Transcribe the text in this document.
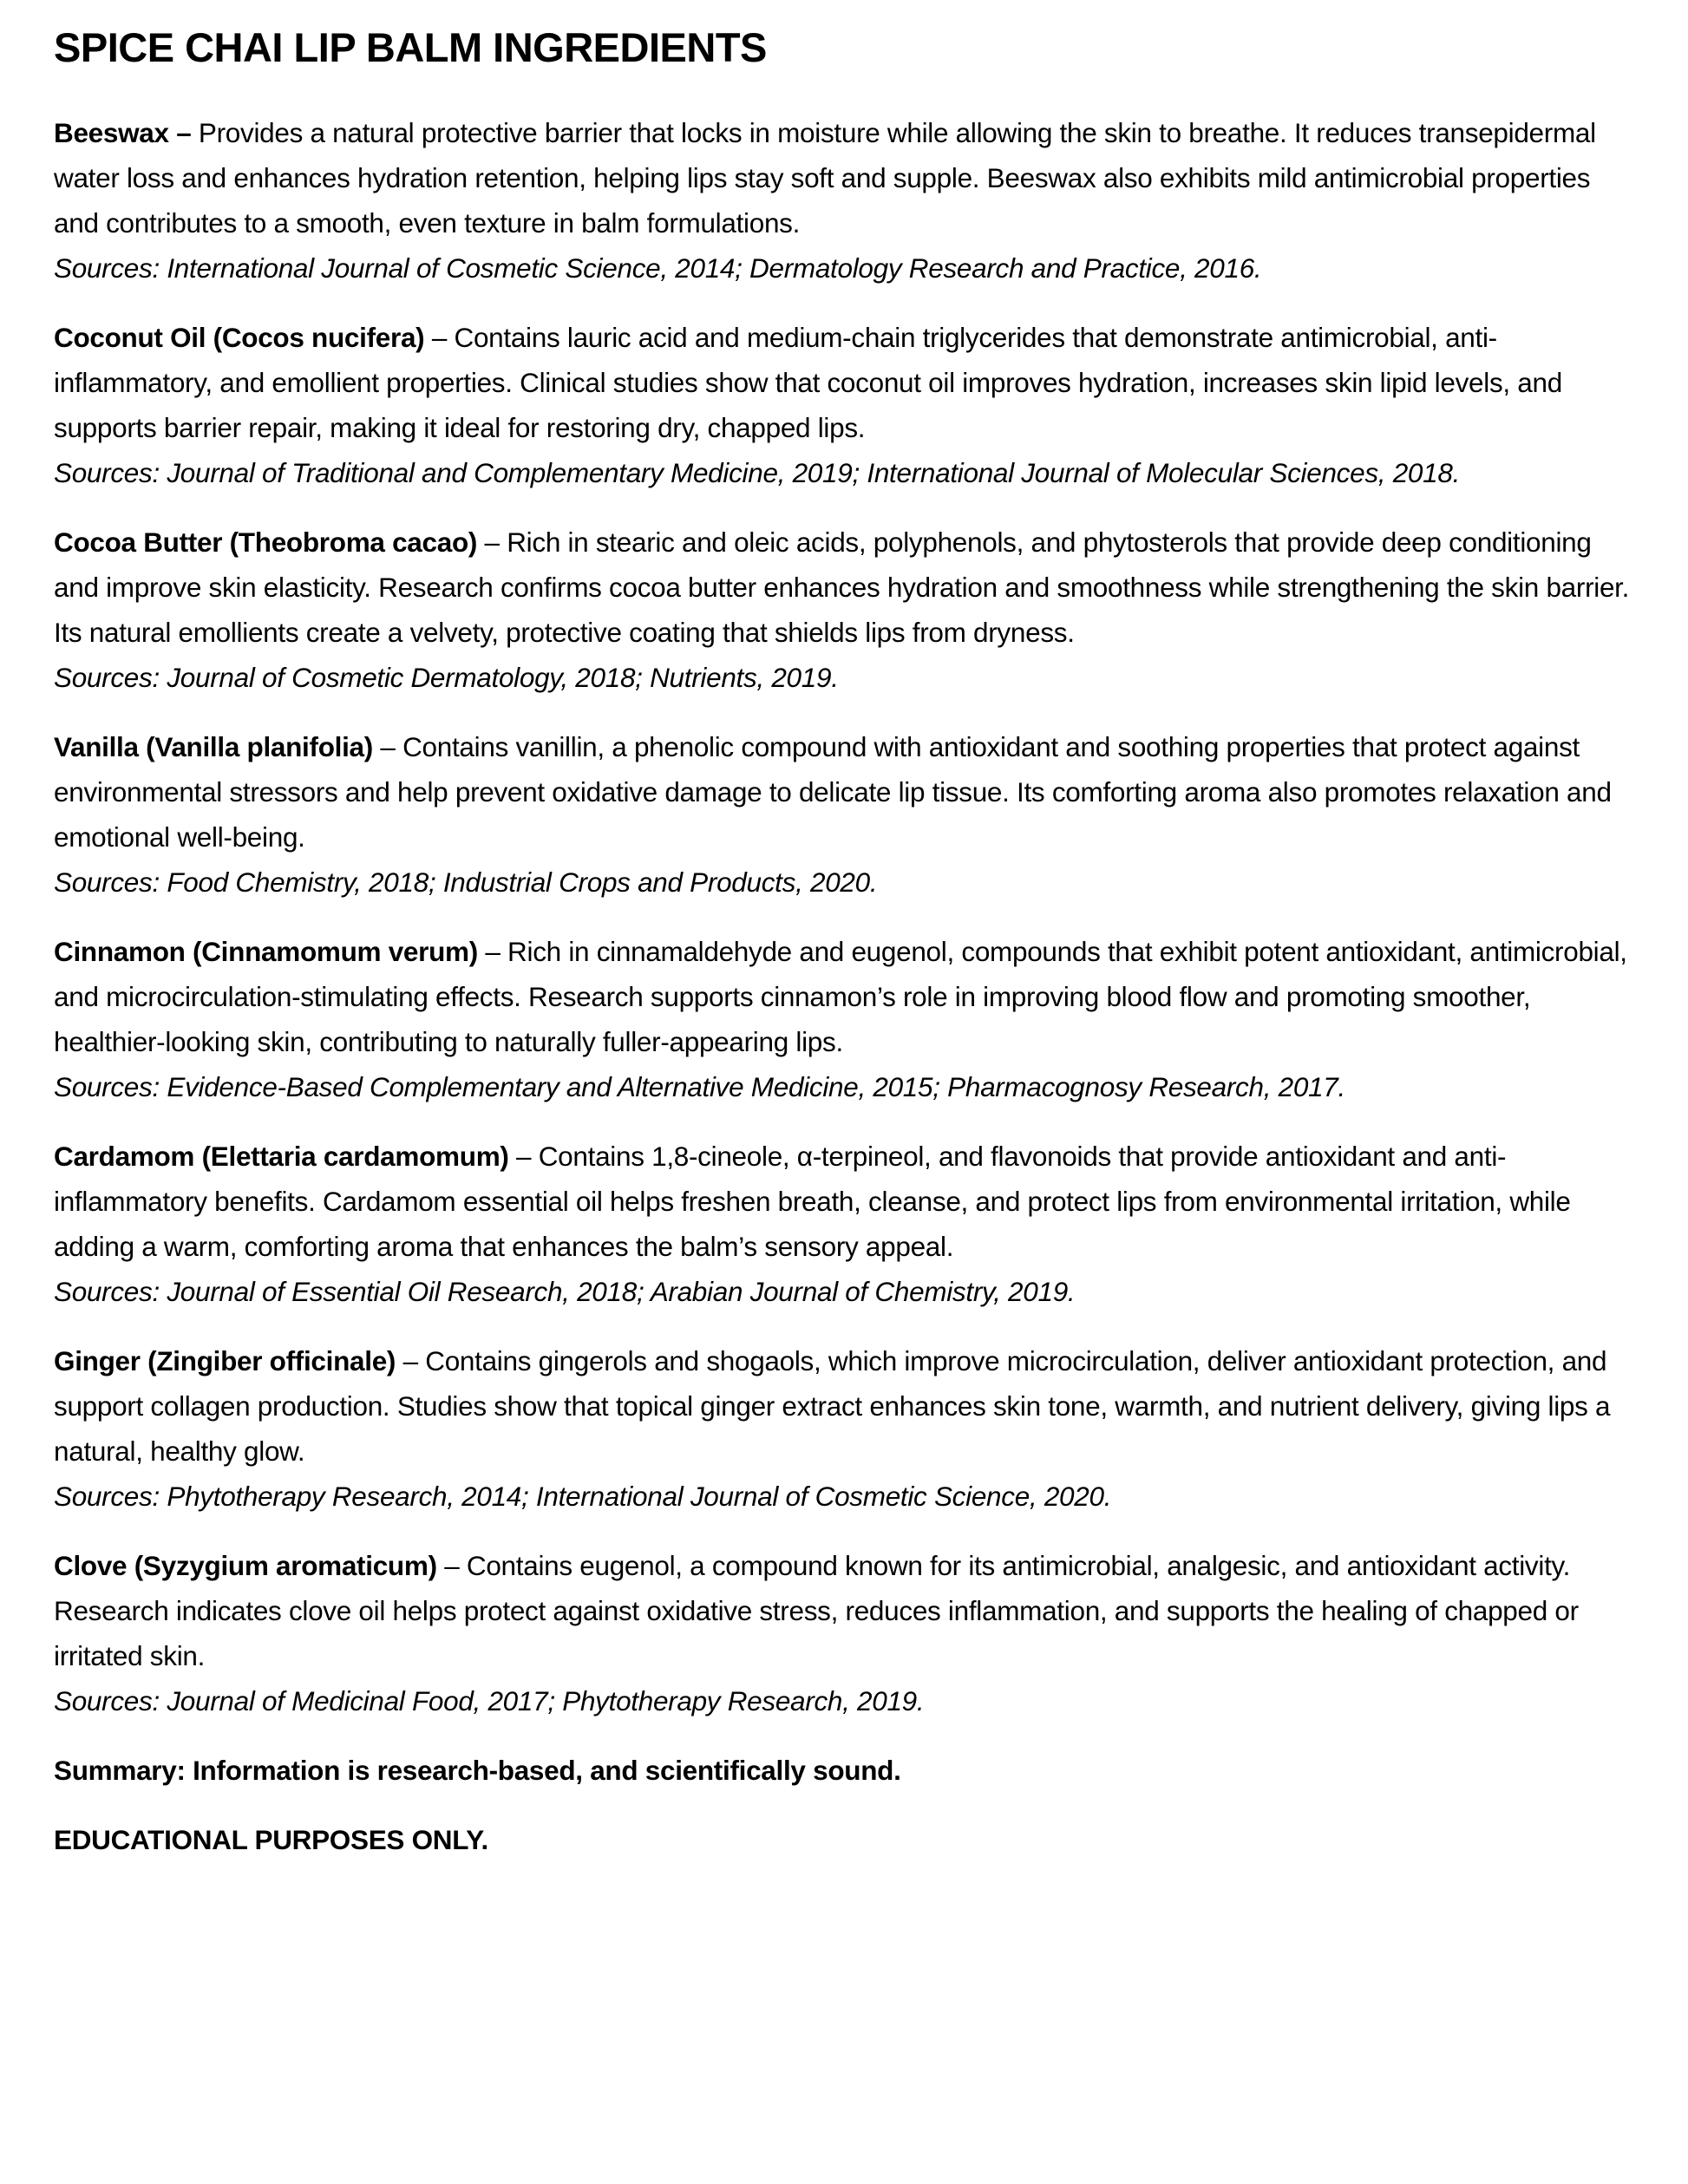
SPICE CHAI LIP BALM INGREDIENTS

Beeswax – Provides a natural protective barrier that locks in moisture while allowing the skin to breathe. It reduces transepidermal water loss and enhances hydration retention, helping lips stay soft and supple. Beeswax also exhibits mild antimicrobial properties and contributes to a smooth, even texture in balm formulations.

Sources: International Journal of Cosmetic Science, 2014; Dermatology Research and Practice, 2016.

Coconut Oil (Cocos nucifera) – Contains lauric acid and medium-chain triglycerides that demonstrate antimicrobial, anti-inflammatory, and emollient properties. Clinical studies show that coconut oil improves hydration, increases skin lipid levels, and supports barrier repair, making it ideal for restoring dry, chapped lips.

Sources: Journal of Traditional and Complementary Medicine, 2019; International Journal of Molecular Sciences, 2018.

Cocoa Butter (Theobroma cacao) – Rich in stearic and oleic acids, polyphenols, and phytosterols that provide deep conditioning and improve skin elasticity. Research confirms cocoa butter enhances hydration and smoothness while strengthening the skin barrier. Its natural emollients create a velvety, protective coating that shields lips from dryness.

Sources: Journal of Cosmetic Dermatology, 2018; Nutrients, 2019.

Vanilla (Vanilla planifolia) – Contains vanillin, a phenolic compound with antioxidant and soothing properties that protect against environmental stressors and help prevent oxidative damage to delicate lip tissue. Its comforting aroma also promotes relaxation and emotional well-being.

Sources: Food Chemistry, 2018; Industrial Crops and Products, 2020.

Cinnamon (Cinnamomum verum) – Rich in cinnamaldehyde and eugenol, compounds that exhibit potent antioxidant, antimicrobial, and microcirculation-stimulating effects. Research supports cinnamon’s role in improving blood flow and promoting smoother, healthier-looking skin, contributing to naturally fuller-appearing lips.

Sources: Evidence-Based Complementary and Alternative Medicine, 2015; Pharmacognosy Research, 2017.

Cardamom (Elettaria cardamomum) – Contains 1,8-cineole, α-terpineol, and flavonoids that provide antioxidant and anti-inflammatory benefits. Cardamom essential oil helps freshen breath, cleanse, and protect lips from environmental irritation, while adding a warm, comforting aroma that enhances the balm’s sensory appeal.

Sources: Journal of Essential Oil Research, 2018; Arabian Journal of Chemistry, 2019.

Ginger (Zingiber officinale) – Contains gingerols and shogaols, which improve microcirculation, deliver antioxidant protection, and support collagen production. Studies show that topical ginger extract enhances skin tone, warmth, and nutrient delivery, giving lips a natural, healthy glow.

Sources: Phytotherapy Research, 2014; International Journal of Cosmetic Science, 2020.

Clove (Syzygium aromaticum) – Contains eugenol, a compound known for its antimicrobial, analgesic, and antioxidant activity. Research indicates clove oil helps protect against oxidative stress, reduces inflammation, and supports the healing of chapped or irritated skin.

Sources: Journal of Medicinal Food, 2017; Phytotherapy Research, 2019.

Summary: Information is research-based, and scientifically sound.

EDUCATIONAL PURPOSES ONLY.
